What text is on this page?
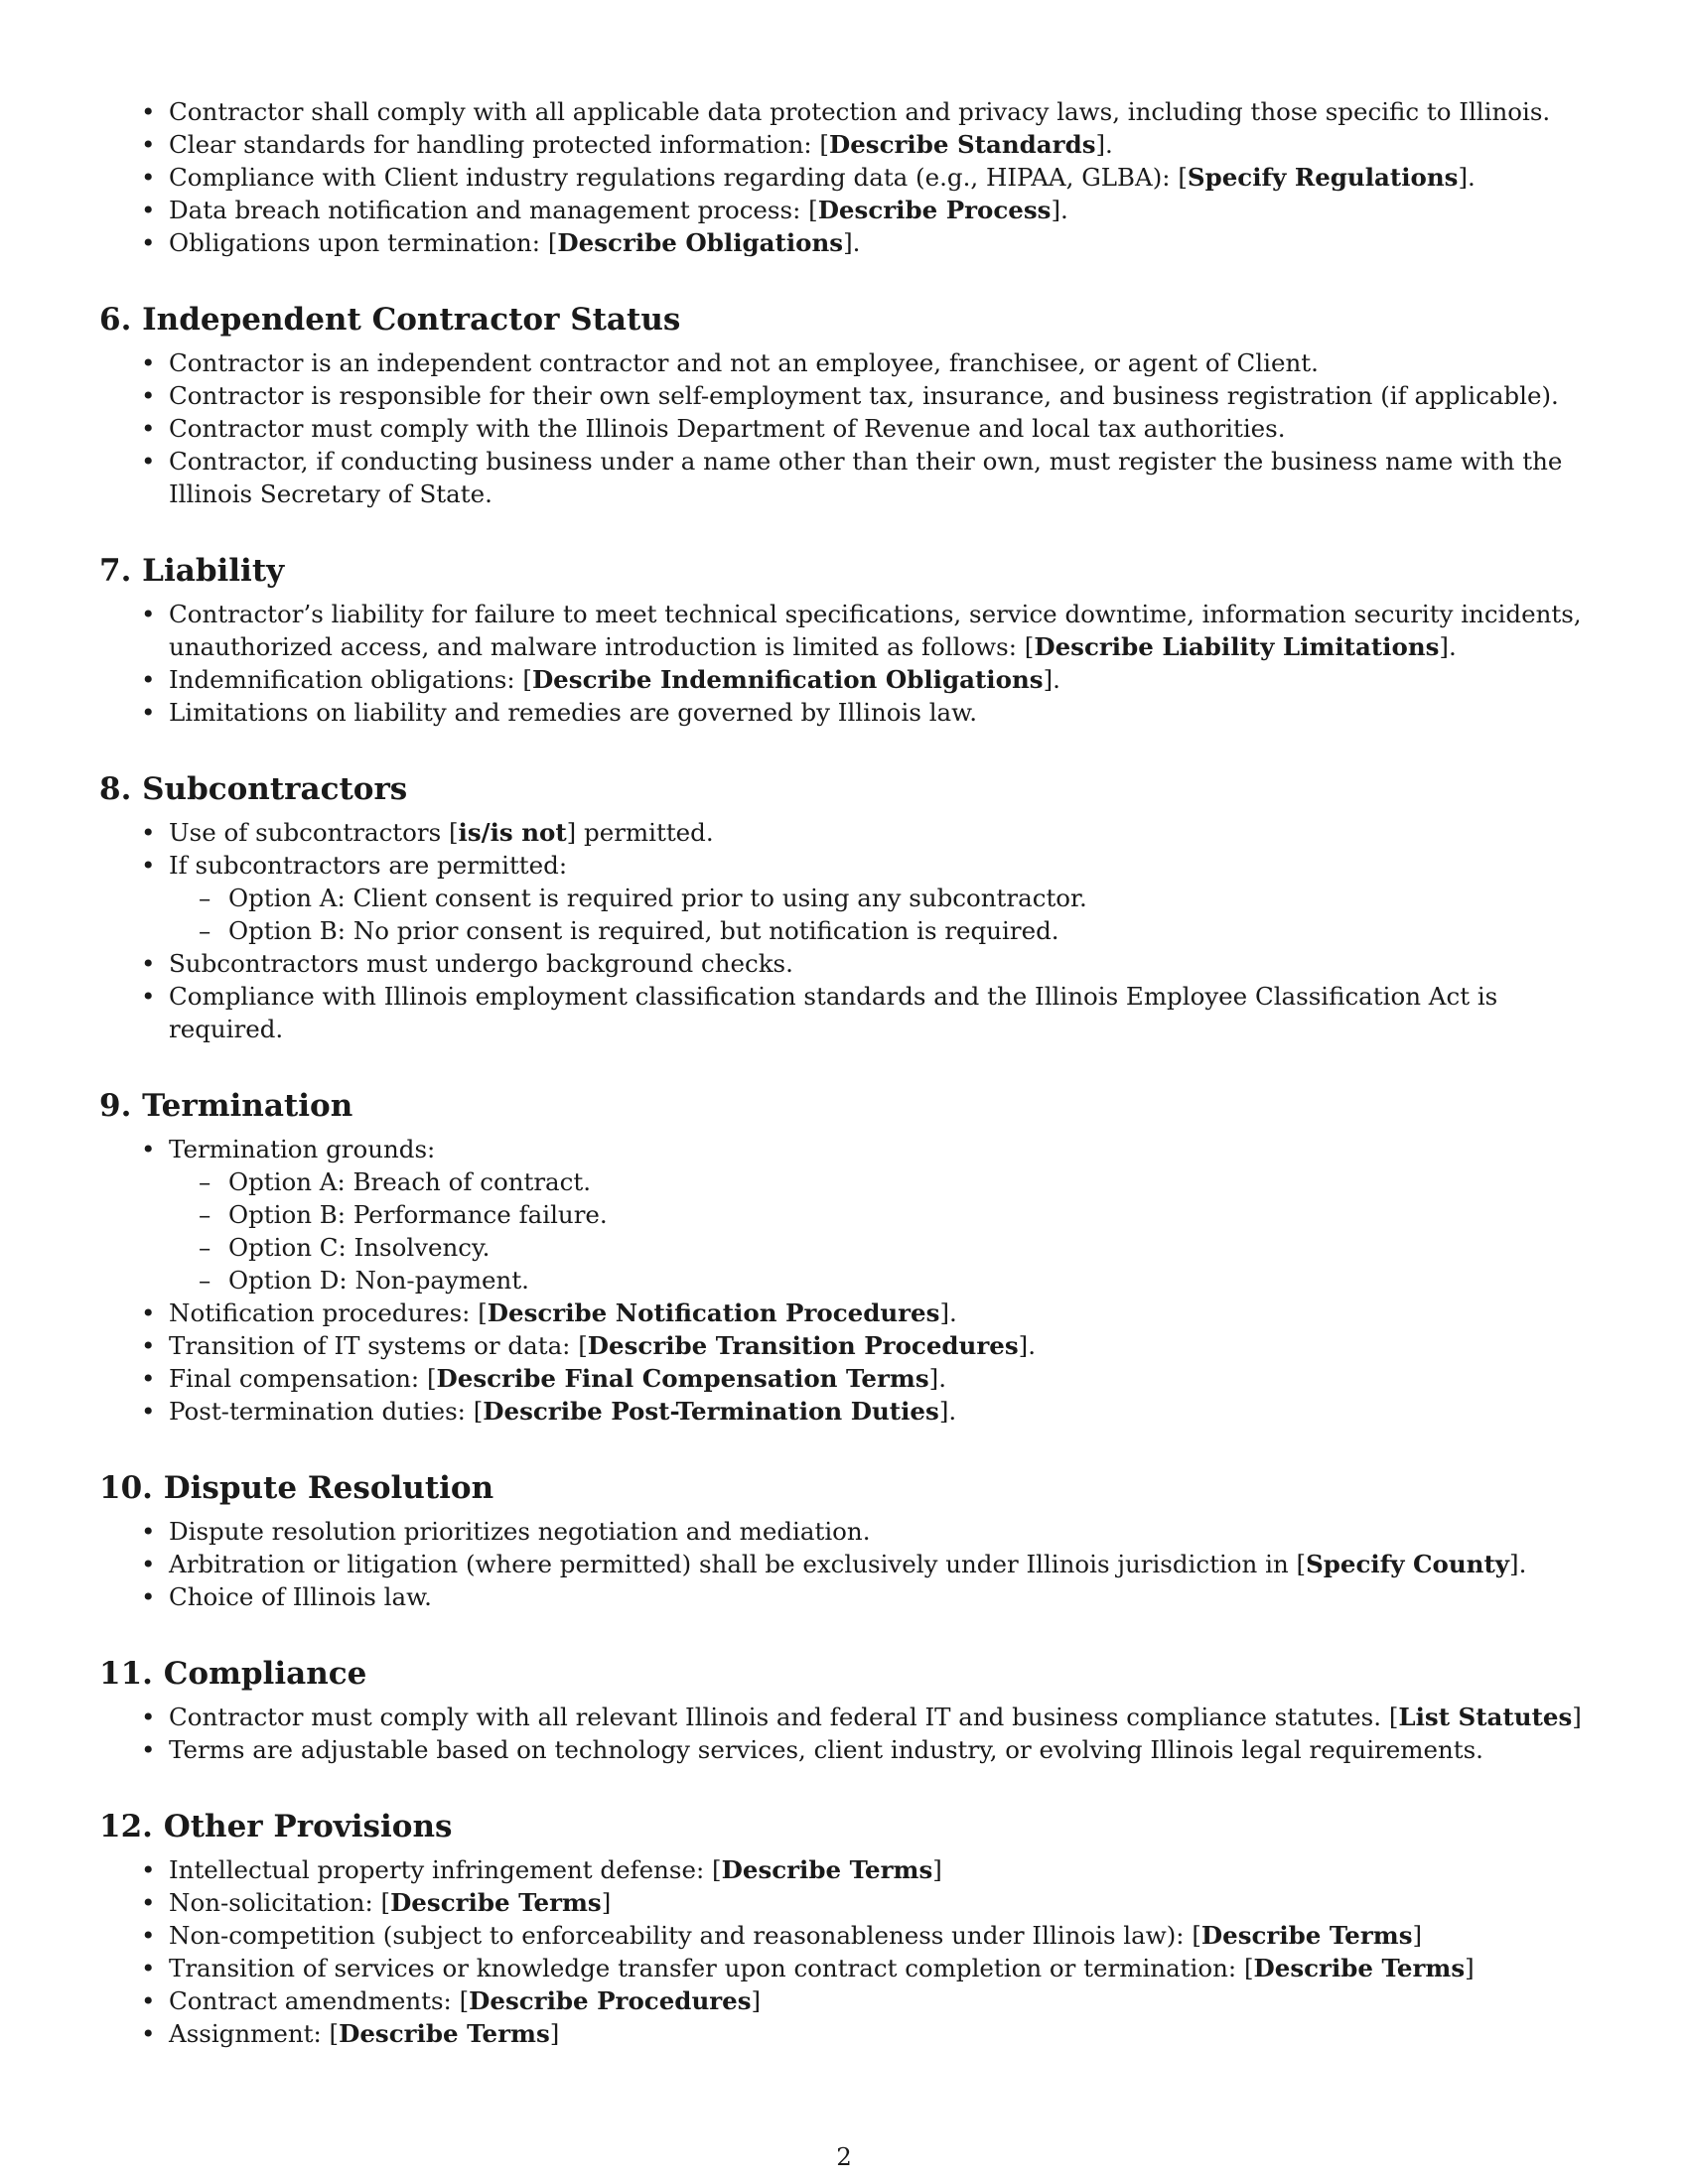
• Contractor shall comply with all applicable data protection and privacy laws, including those specific to Illinois.
• Clear standards for handling protected information: [Describe Standards].
• Compliance with Client industry regulations regarding data (e.g., HIPAA, GLBA): [Specify Regulations].
• Data breach notification and management process: [Describe Process].
• Obligations upon termination: [Describe Obligations].
6. Independent Contractor Status
• Contractor is an independent contractor and not an employee, franchisee, or agent of Client.
• Contractor is responsible for their own self-employment tax, insurance, and business registration (if applicable).
• Contractor must comply with the Illinois Department of Revenue and local tax authorities.
• Contractor, if conducting business under a name other than their own, must register the business name with the Illinois Secretary of State.
7. Liability
• Contractor’s liability for failure to meet technical specifications, service downtime, information security incidents, unauthorized access, and malware introduction is limited as follows: [Describe Liability Limitations].
• Indemnification obligations: [Describe Indemnification Obligations].
• Limitations on liability and remedies are governed by Illinois law.
8. Subcontractors
• Use of subcontractors [is/is not] permitted.
• If subcontractors are permitted:
– Option A: Client consent is required prior to using any subcontractor.
– Option B: No prior consent is required, but notification is required.
• Subcontractors must undergo background checks.
• Compliance with Illinois employment classification standards and the Illinois Employee Classification Act is required.
9. Termination
• Termination grounds:
– Option A: Breach of contract.
– Option B: Performance failure.
– Option C: Insolvency.
– Option D: Non-payment.
• Notification procedures: [Describe Notification Procedures].
• Transition of IT systems or data: [Describe Transition Procedures].
• Final compensation: [Describe Final Compensation Terms].
• Post-termination duties: [Describe Post-Termination Duties].
10. Dispute Resolution
• Dispute resolution prioritizes negotiation and mediation.
• Arbitration or litigation (where permitted) shall be exclusively under Illinois jurisdiction in [Specify County].
• Choice of Illinois law.
11. Compliance
• Contractor must comply with all relevant Illinois and federal IT and business compliance statutes. [List Statutes]
• Terms are adjustable based on technology services, client industry, or evolving Illinois legal requirements.
12. Other Provisions
• Intellectual property infringement defense: [Describe Terms]
• Non-solicitation: [Describe Terms]
• Non-competition (subject to enforceability and reasonableness under Illinois law): [Describe Terms]
• Transition of services or knowledge transfer upon contract completion or termination: [Describe Terms]
• Contract amendments: [Describe Procedures]
• Assignment: [Describe Terms]
2
